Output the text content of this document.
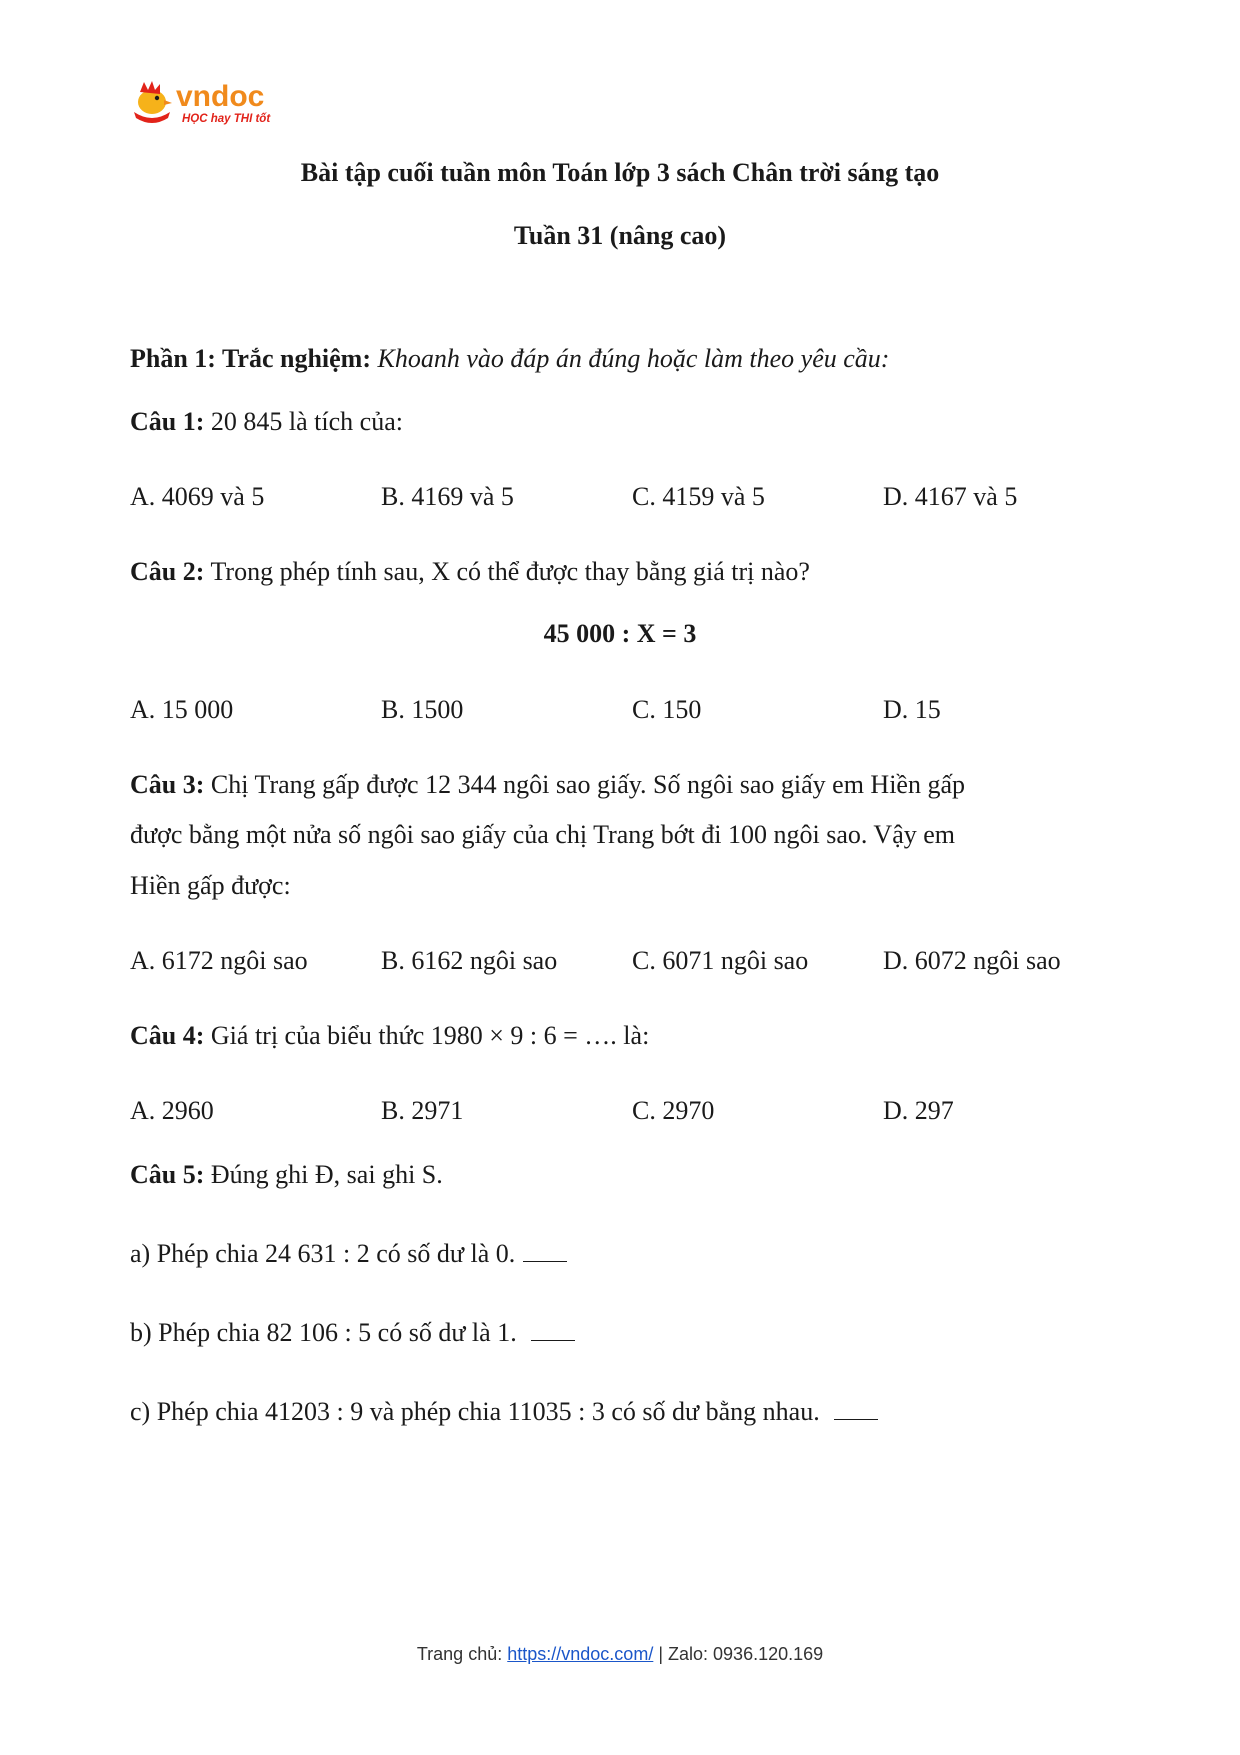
vndoc
HỌC hay THI tốt
Bài tập cuối tuần môn Toán lớp 3 sách Chân trời sáng tạo
Tuần 31 (nâng cao)
Phần 1: Trắc nghiệm: Khoanh vào đáp án đúng hoặc làm theo yêu cầu:
Câu 1: 20 845 là tích của:
A. 4069 và 5	B. 4169 và 5	C. 4159 và 5	D. 4167 và 5
Câu 2: Trong phép tính sau, X có thể được thay bằng giá trị nào?
45 000 : X = 3
A. 15 000	B. 1500	C. 150	D. 15
Câu 3: Chị Trang gấp được 12 344 ngôi sao giấy. Số ngôi sao giấy em Hiền gấp
được bằng một nửa số ngôi sao giấy của chị Trang bớt đi 100 ngôi sao. Vậy em
Hiền gấp được:
A. 6172 ngôi sao	B. 6162 ngôi sao	C. 6071 ngôi sao	D. 6072 ngôi sao
Câu 4: Giá trị của biểu thức 1980 × 9 : 6 = …. là:
A. 2960	B. 2971	C. 2970	D. 297
Câu 5: Đúng ghi Đ, sai ghi S.
a) Phép chia 24 631 : 2 có số dư là 0.
b) Phép chia 82 106 : 5 có số dư là 1.
c) Phép chia 41203 : 9 và phép chia 11035 : 3 có số dư bằng nhau.
Trang chủ: https://vndoc.com/ | Zalo: 0936.120.169
